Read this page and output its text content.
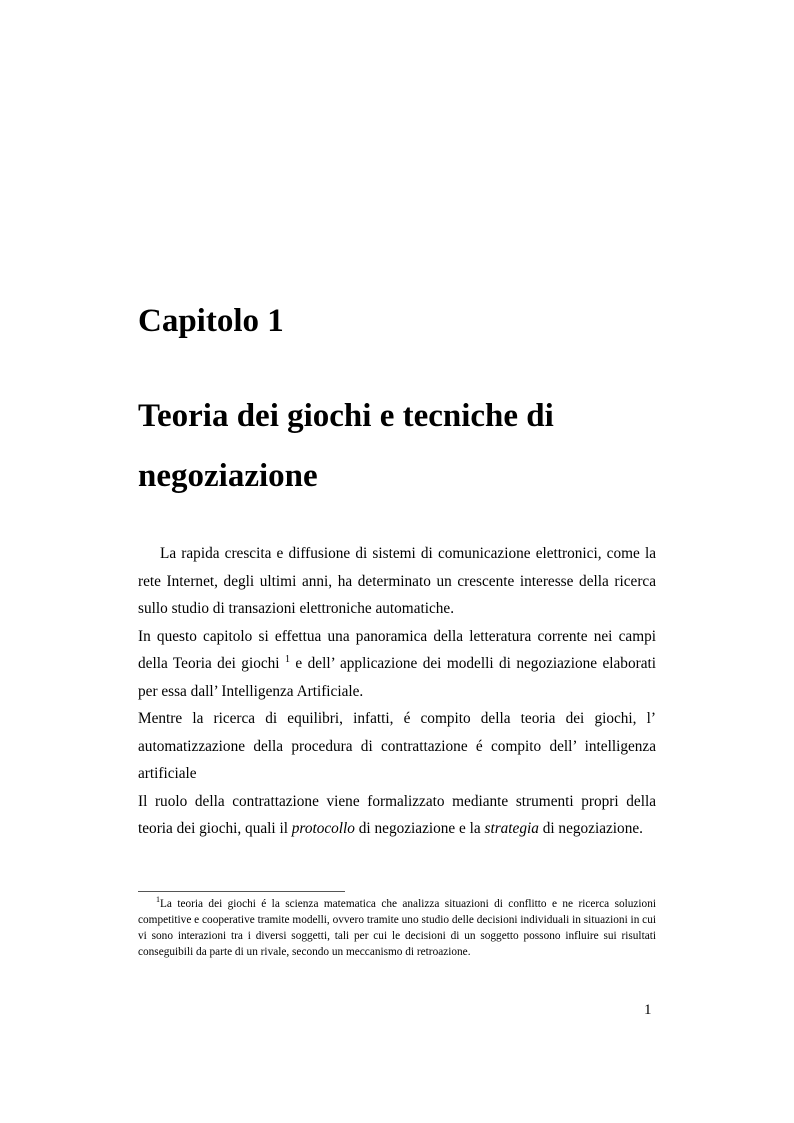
Capitolo 1
Teoria dei giochi e tecniche di negoziazione

La rapida crescita e diffusione di sistemi di comunicazione elettronici, come la rete Internet, degli ultimi anni, ha determinato un crescente interesse della ricerca sullo studio di transazioni elettroniche automatiche.

In questo capitolo si effettua una panoramica della letteratura corrente nei campi della Teoria dei giochi $^1$ e dell’ applicazione dei modelli di negoziazione elaborati per essa dall’ Intelligenza Artificiale.

Mentre la ricerca di equilibri, infatti, é compito della teoria dei giochi, l’ automatizzazione della procedura di contrattazione é compito dell’ intelligenza artificiale

Il ruolo della contrattazione viene formalizzato mediante strumenti propri della teoria dei giochi, quali il protocollo di negoziazione e la strategia di negoziazione.

$^1$La teoria dei giochi é la scienza matematica che analizza situazioni di conflitto e ne ricerca soluzioni competitive e cooperative tramite modelli, ovvero tramite uno studio delle decisioni individuali in situazioni in cui vi sono interazioni tra i diversi soggetti, tali per cui le decisioni di un soggetto possono influire sui risultati conseguibili da parte di un rivale, secondo un meccanismo di retroazione.

1
